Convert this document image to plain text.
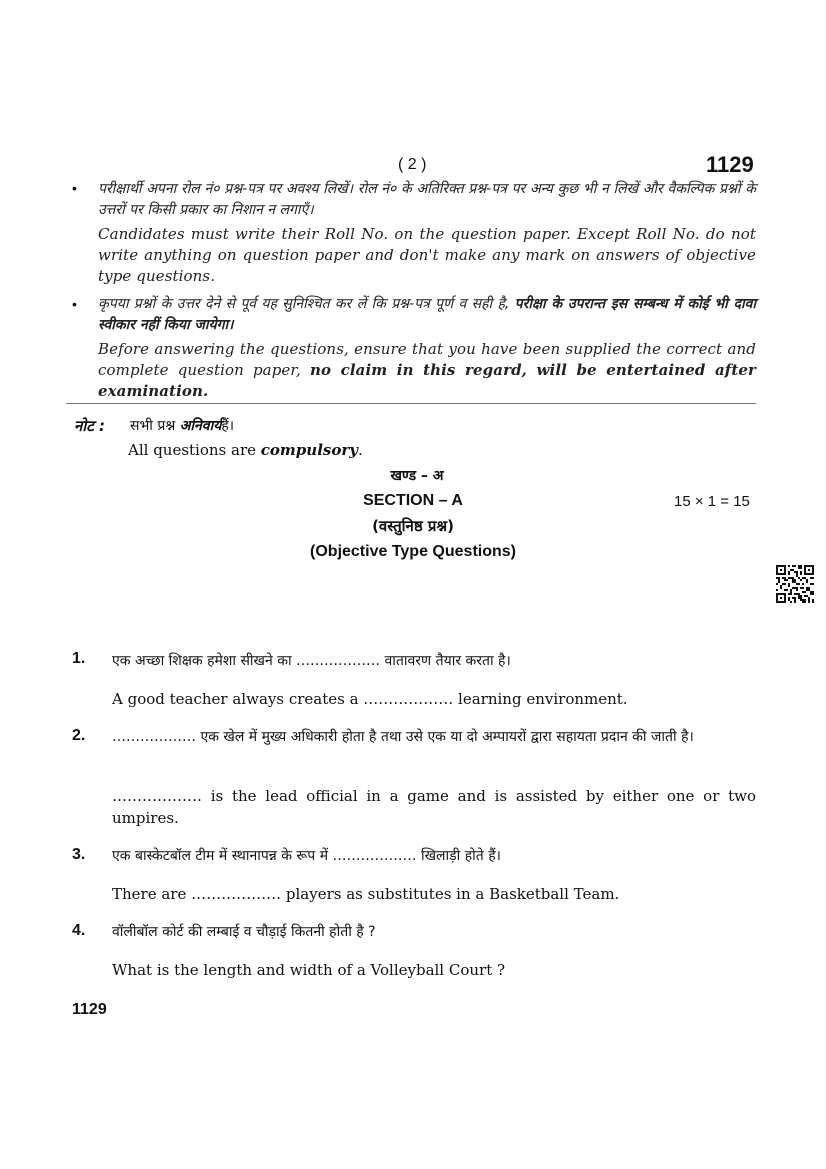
( 2 )	1129
• परीक्षार्थी अपना रोल नं० प्रश्न-पत्र पर अवश्य लिखें। रोल नं० के अतिरिक्त प्रश्न-पत्र पर अन्य कुछ भी न लिखें और वैकल्पिक प्रश्नों के उत्तरों पर किसी प्रकार का निशान न लगाएँ।
Candidates must write their Roll No. on the question paper. Except Roll No. do not write anything on question paper and don't make any mark on answers of objective type questions.
• कृपया प्रश्नों के उत्तर देने से पूर्व यह सुनिश्चित कर लें कि प्रश्न-पत्र पूर्ण व सही है, परीक्षा के उपरान्त इस सम्बन्ध में कोई भी दावा स्वीकार नहीं किया जायेगा।
Before answering the questions, ensure that you have been supplied the correct and complete question paper, no claim in this regard, will be entertained after examination.
नोट : सभी प्रश्न अनिवार्यहैं।
All questions are compulsory.
खण्ड – अ
SECTION – A	15 × 1 = 15
(वस्तुनिष्ठ प्रश्न)
(Objective Type Questions)
1. एक अच्छा शिक्षक हमेशा सीखने का ……………… वातावरण तैयार करता है।
A good teacher always creates a ……………… learning environment.
2. ……………… एक खेल में मुख्य अधिकारी होता है तथा उसे एक या दो अम्पायरों द्वारा सहायता प्रदान की जाती है।
……………… is the lead official in a game and is assisted by either one or two umpires.
3. एक बास्केटबॉल टीम में स्थानापन्न के रूप में ……………… खिलाड़ी होते हैं।
There are ……………… players as substitutes in a Basketball Team.
4. वॉलीबॉल कोर्ट की लम्बाई व चौड़ाई कितनी होती है ?
What is the length and width of a Volleyball Court ?
1129
